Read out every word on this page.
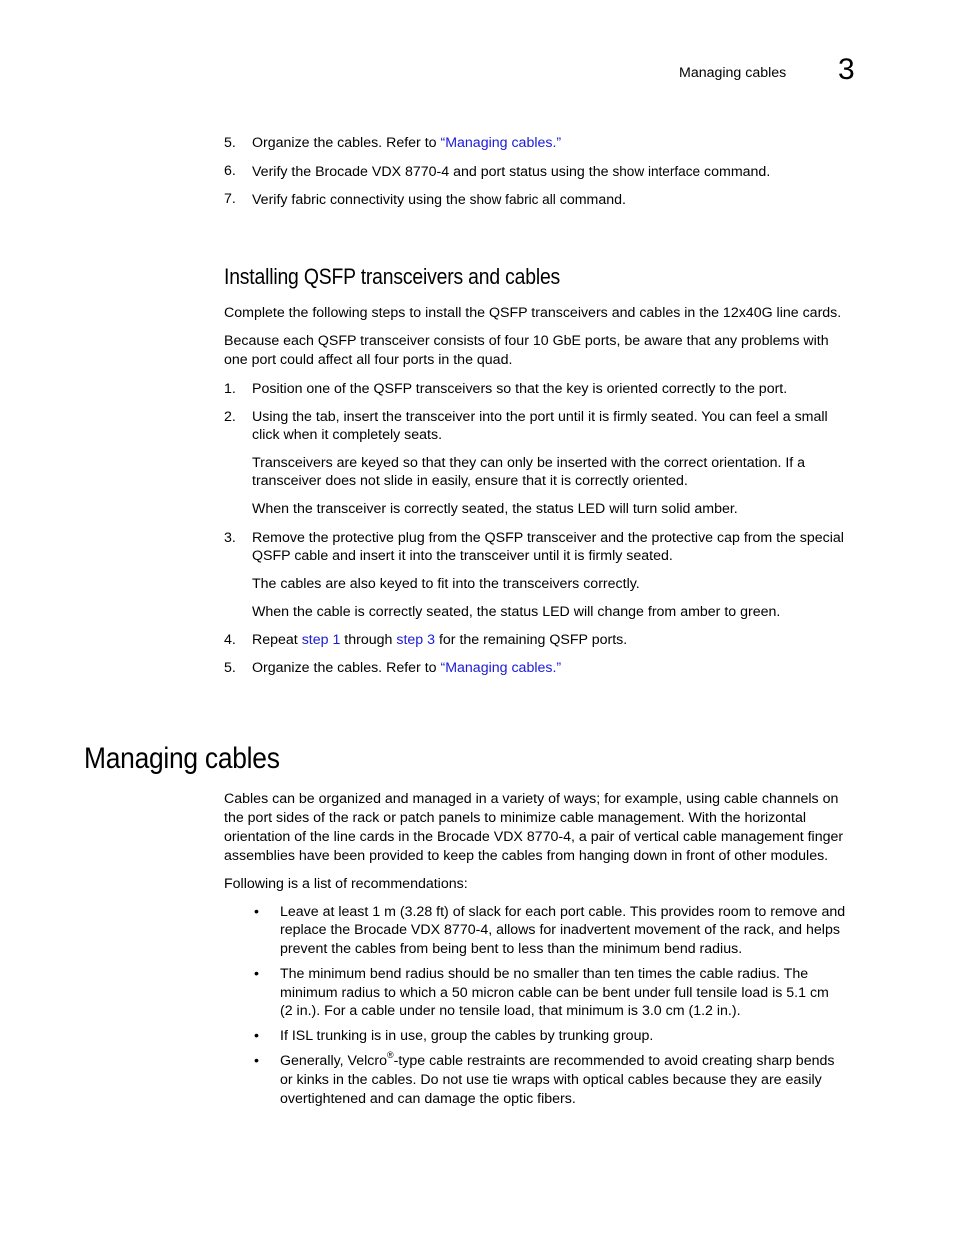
Managing cables 3
5.	Organize the cables. Refer to “Managing cables.”
6.	Verify the Brocade VDX 8770-4 and port status using the show interface command.
7.	Verify fabric connectivity using the show fabric all command.
Installing QSFP transceivers and cables
Complete the following steps to install the QSFP transceivers and cables in the 12x40G line cards.
Because each QSFP transceiver consists of four 10 GbE ports, be aware that any problems with
one port could affect all four ports in the quad.
1.	Position one of the QSFP transceivers so that the key is oriented correctly to the port.
2.	Using the tab, insert the transceiver into the port until it is firmly seated. You can feel a small
click when it completely seats.
Transceivers are keyed so that they can only be inserted with the correct orientation. If a
transceiver does not slide in easily, ensure that it is correctly oriented.
When the transceiver is correctly seated, the status LED will turn solid amber.
3.	Remove the protective plug from the QSFP transceiver and the protective cap from the special
QSFP cable and insert it into the transceiver until it is firmly seated.
The cables are also keyed to fit into the transceivers correctly.
When the cable is correctly seated, the status LED will change from amber to green.
4.	Repeat step 1 through step 3 for the remaining QSFP ports.
5.	Organize the cables. Refer to “Managing cables.”
Managing cables
Cables can be organized and managed in a variety of ways; for example, using cable channels on
the port sides of the rack or patch panels to minimize cable management. With the horizontal
orientation of the line cards in the Brocade VDX 8770-4, a pair of vertical cable management finger
assemblies have been provided to keep the cables from hanging down in front of other modules.
Following is a list of recommendations:
•	Leave at least 1 m (3.28 ft) of slack for each port cable. This provides room to remove and
replace the Brocade VDX 8770-4, allows for inadvertent movement of the rack, and helps
prevent the cables from being bent to less than the minimum bend radius.
•	The minimum bend radius should be no smaller than ten times the cable radius. The
minimum radius to which a 50 micron cable can be bent under full tensile load is 5.1 cm
(2 in.). For a cable under no tensile load, that minimum is 3.0 cm (1.2 in.).
•	If ISL trunking is in use, group the cables by trunking group.
•	Generally, Velcro®-type cable restraints are recommended to avoid creating sharp bends
or kinks in the cables. Do not use tie wraps with optical cables because they are easily
overtightened and can damage the optic fibers.
